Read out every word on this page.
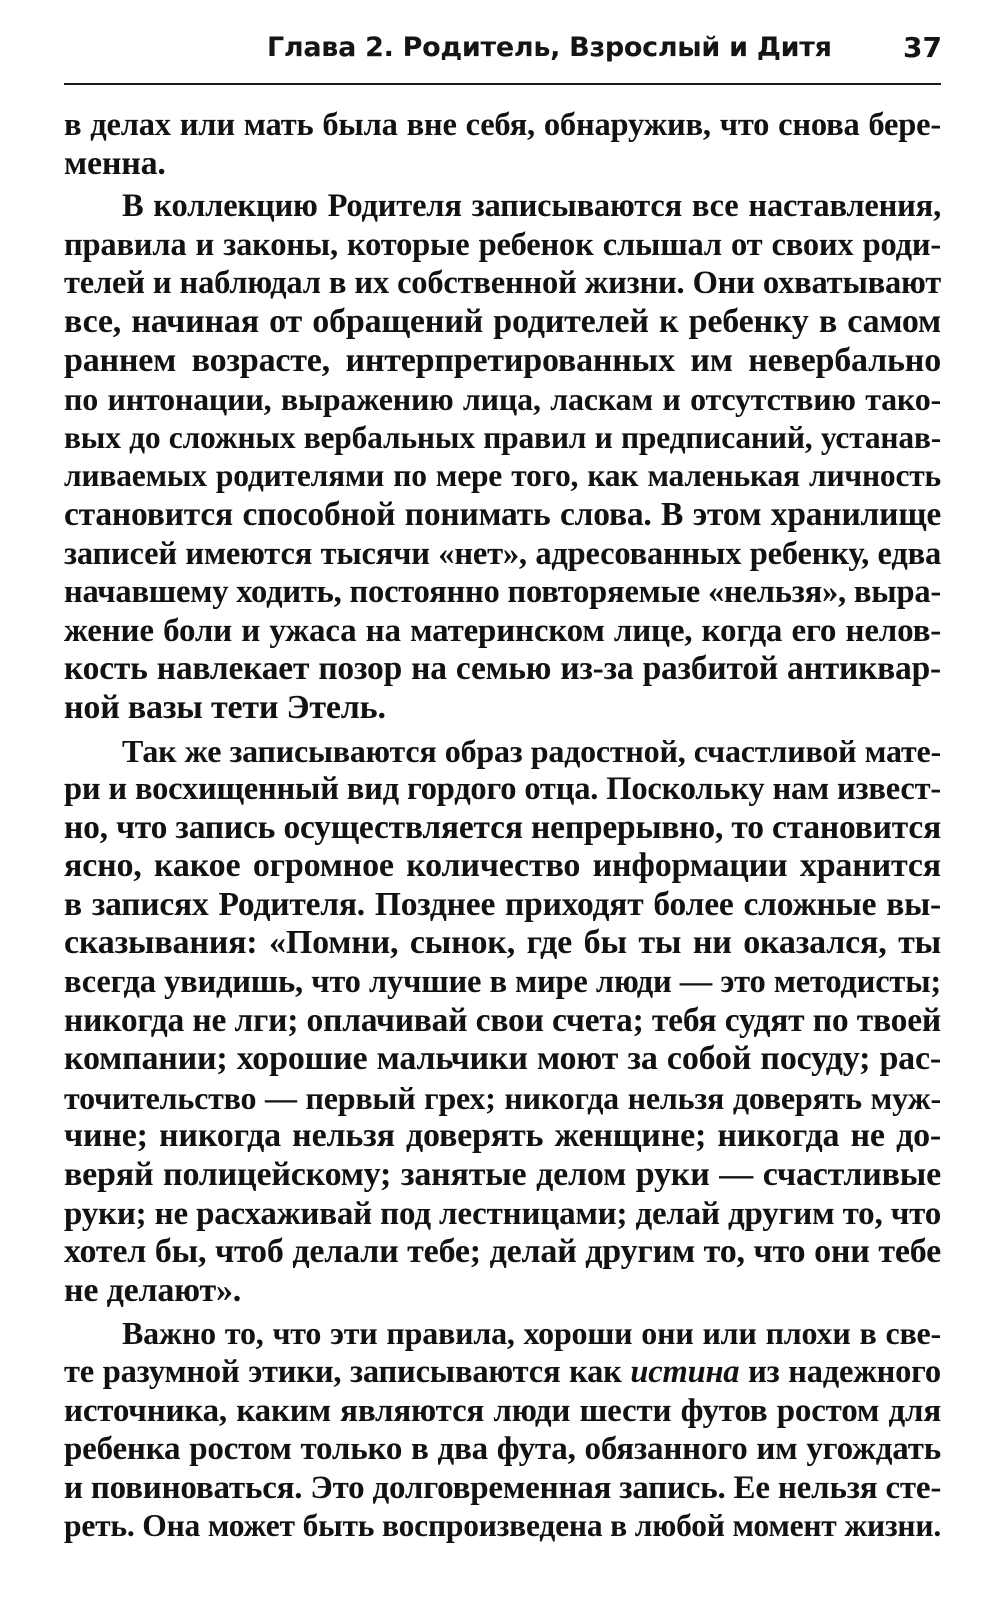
Глава 2. Родитель, Взрослый и Дитя	37
в делах или мать была вне себя, обнаружив, что снова бере-
менна.
В коллекцию Родителя записываются все наставления,
правила и законы, которые ребенок слышал от своих роди-
телей и наблюдал в их собственной жизни. Они охватывают
все, начиная от обращений родителей к ребенку в самом
раннем возрасте, интерпретированных им невербально
по интонации, выражению лица, ласкам и отсутствию тако-
вых до сложных вербальных правил и предписаний, устанав-
ливаемых родителями по мере того, как маленькая личность
становится способной понимать слова. В этом хранилище
записей имеются тысячи «нет», адресованных ребенку, едва
начавшему ходить, постоянно повторяемые «нельзя», выра-
жение боли и ужаса на материнском лице, когда его нелов-
кость навлекает позор на семью из-за разбитой антиквар-
ной вазы тети Этель.
Так же записываются образ радостной, счастливой мате-
ри и восхищенный вид гордого отца. Поскольку нам извест-
но, что запись осуществляется непрерывно, то становится
ясно, какое огромное количество информации хранится
в записях Родителя. Позднее приходят более сложные вы-
сказывания: «Помни, сынок, где бы ты ни оказался, ты
всегда увидишь, что лучшие в мире люди — это методисты;
никогда не лги; оплачивай свои счета; тебя судят по твоей
компании; хорошие мальчики моют за собой посуду; рас-
точительство — первый грех; никогда нельзя доверять муж-
чине; никогда нельзя доверять женщине; никогда не до-
веряй полицейскому; занятые делом руки — счастливые
руки; не расхаживай под лестницами; делай другим то, что
хотел бы, чтоб делали тебе; делай другим то, что они тебе
не делают».
Важно то, что эти правила, хороши они или плохи в све-
те разумной этики, записываются как истина из надежного
источника, каким являются люди шести футов ростом для
ребенка ростом только в два фута, обязанного им угождать
и повиноваться. Это долговременная запись. Ее нельзя сте-
реть. Она может быть воспроизведена в любой момент жизни.
